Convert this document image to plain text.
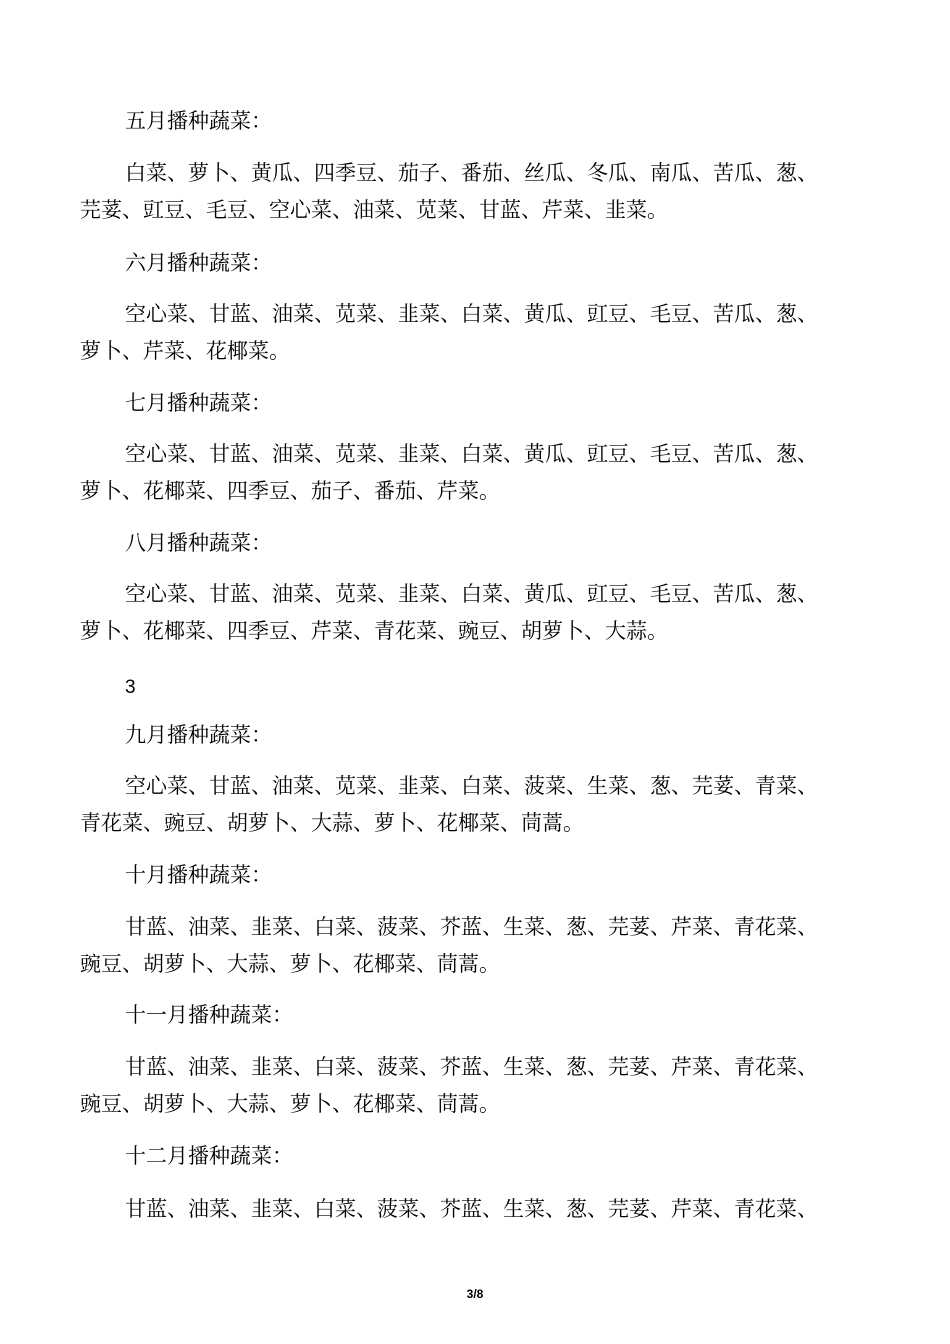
五月播种蔬菜：
白菜、萝卜、黄瓜、四季豆、茄子、番茄、丝瓜、冬瓜、南瓜、苦瓜、葱、
芫荽、豇豆、毛豆、空心菜、油菜、苋菜、甘蓝、芹菜、韭菜。
六月播种蔬菜：
空心菜、甘蓝、油菜、苋菜、韭菜、白菜、黄瓜、豇豆、毛豆、苦瓜、葱、
萝卜、芹菜、花椰菜。
七月播种蔬菜：
空心菜、甘蓝、油菜、苋菜、韭菜、白菜、黄瓜、豇豆、毛豆、苦瓜、葱、
萝卜、花椰菜、四季豆、茄子、番茄、芹菜。
八月播种蔬菜：
空心菜、甘蓝、油菜、苋菜、韭菜、白菜、黄瓜、豇豆、毛豆、苦瓜、葱、
萝卜、花椰菜、四季豆、芹菜、青花菜、豌豆、胡萝卜、大蒜。
3
九月播种蔬菜：
空心菜、甘蓝、油菜、苋菜、韭菜、白菜、菠菜、生菜、葱、芫荽、青菜、
青花菜、豌豆、胡萝卜、大蒜、萝卜、花椰菜、茼蒿。
十月播种蔬菜：
甘蓝、油菜、韭菜、白菜、菠菜、芥蓝、生菜、葱、芫荽、芹菜、青花菜、
豌豆、胡萝卜、大蒜、萝卜、花椰菜、茼蒿。
十一月播种蔬菜：
甘蓝、油菜、韭菜、白菜、菠菜、芥蓝、生菜、葱、芫荽、芹菜、青花菜、
豌豆、胡萝卜、大蒜、萝卜、花椰菜、茼蒿。
十二月播种蔬菜：
甘蓝、油菜、韭菜、白菜、菠菜、芥蓝、生菜、葱、芫荽、芹菜、青花菜、
3/8
